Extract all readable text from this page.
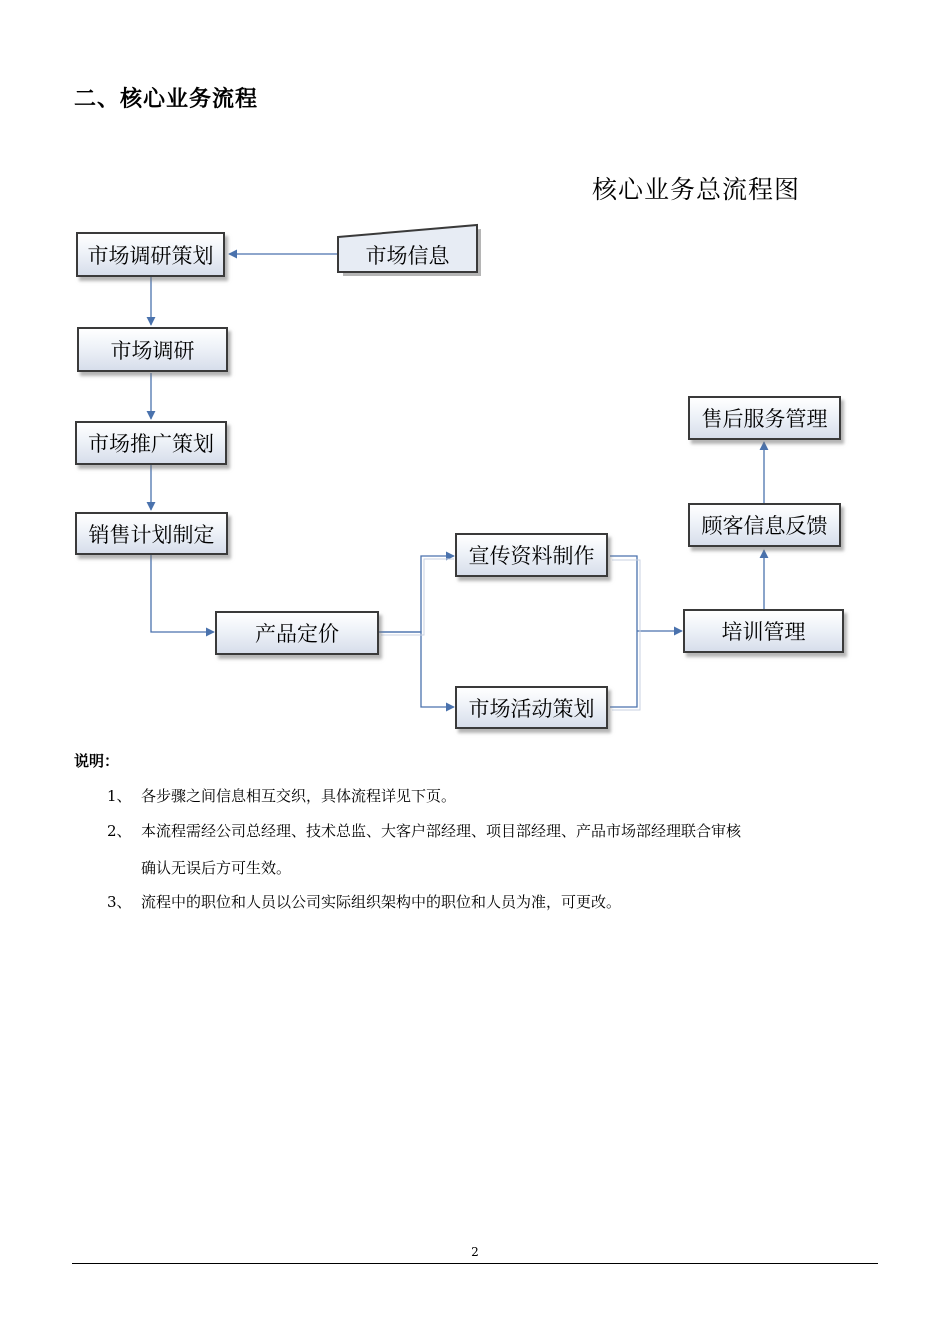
二、核心业务流程
核心业务总流程图
市场信息
市场调研策划
市场调研
市场推广策划
销售计划制定
产品定价
宣传资料制作
市场活动策划
培训管理
顾客信息反馈
售后服务管理
说明：
1、 各步骤之间信息相互交织，具体流程详见下页。
2、 本流程需经公司总经理、技术总监、大客户部经理、项目部经理、产品市场部经理联合审核
确认无误后方可生效。
3、 流程中的职位和人员以公司实际组织架构中的职位和人员为准，可更改。
2
